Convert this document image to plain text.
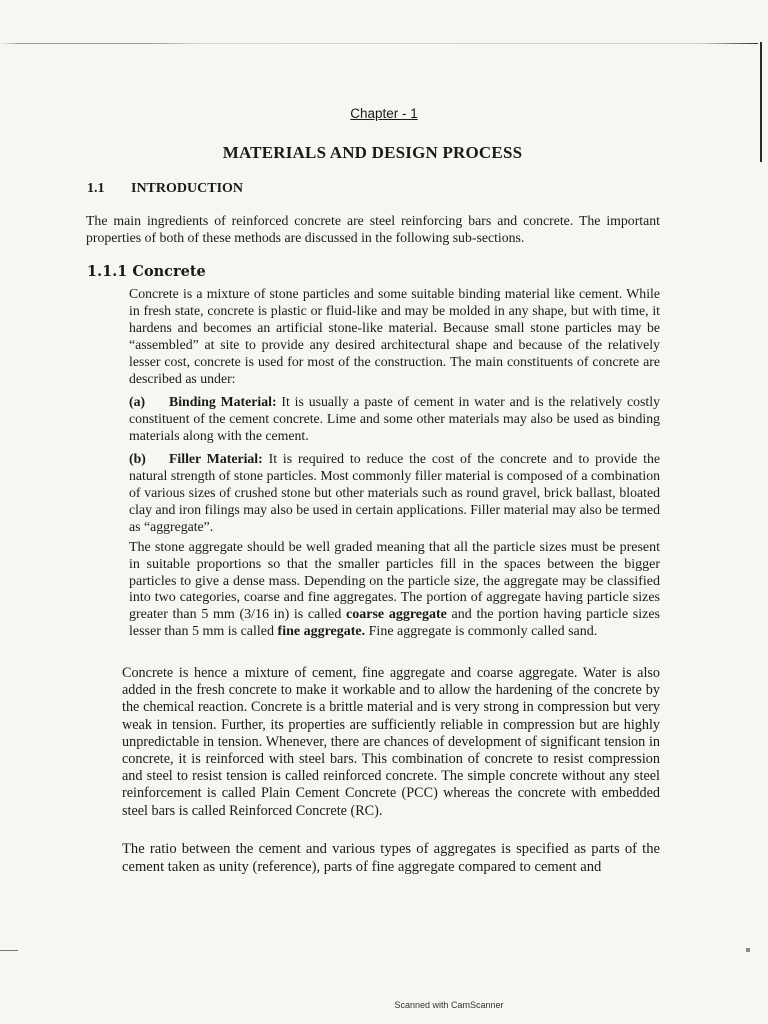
Chapter - 1
MATERIALS AND DESIGN PROCESS
1.1 INTRODUCTION
The main ingredients of reinforced concrete are steel reinforcing bars and concrete. The important properties of both of these methods are discussed in the following sub-sections.
1.1.1 Concrete
Concrete is a mixture of stone particles and some suitable binding material like cement. While in fresh state, concrete is plastic or fluid-like and may be molded in any shape, but with time, it hardens and becomes an artificial stone-like material. Because small stone particles may be “assembled” at site to provide any desired architectural shape and because of the relatively lesser cost, concrete is used for most of the construction. The main constituents of concrete are described as under:
(a) Binding Material: It is usually a paste of cement in water and is the relatively costly constituent of the cement concrete. Lime and some other materials may also be used as binding materials along with the cement.
(b) Filler Material: It is required to reduce the cost of the concrete and to provide the natural strength of stone particles. Most commonly filler material is composed of a combination of various sizes of crushed stone but other materials such as round gravel, brick ballast, bloated clay and iron filings may also be used in certain applications. Filler material may also be termed as “aggregate”.
The stone aggregate should be well graded meaning that all the particle sizes must be present in suitable proportions so that the smaller particles fill in the spaces between the bigger particles to give a dense mass. Depending on the particle size, the aggregate may be classified into two categories, coarse and fine aggregates. The portion of aggregate having particle sizes greater than 5 mm (3/16 in) is called coarse aggregate and the portion having particle sizes lesser than 5 mm is called fine aggregate. Fine aggregate is commonly called sand.
Concrete is hence a mixture of cement, fine aggregate and coarse aggregate. Water is also added in the fresh concrete to make it workable and to allow the hardening of the concrete by the chemical reaction. Concrete is a brittle material and is very strong in compression but very weak in tension. Further, its properties are sufficiently reliable in compression but are highly unpredictable in tension. Whenever, there are chances of development of significant tension in concrete, it is reinforced with steel bars. This combination of concrete to resist compression and steel to resist tension is called reinforced concrete. The simple concrete without any steel reinforcement is called Plain Cement Concrete (PCC) whereas the concrete with embedded steel bars is called Reinforced Concrete (RC).
The ratio between the cement and various types of aggregates is specified as parts of the cement taken as unity (reference), parts of fine aggregate compared to cement and
Scanned with CamScanner
